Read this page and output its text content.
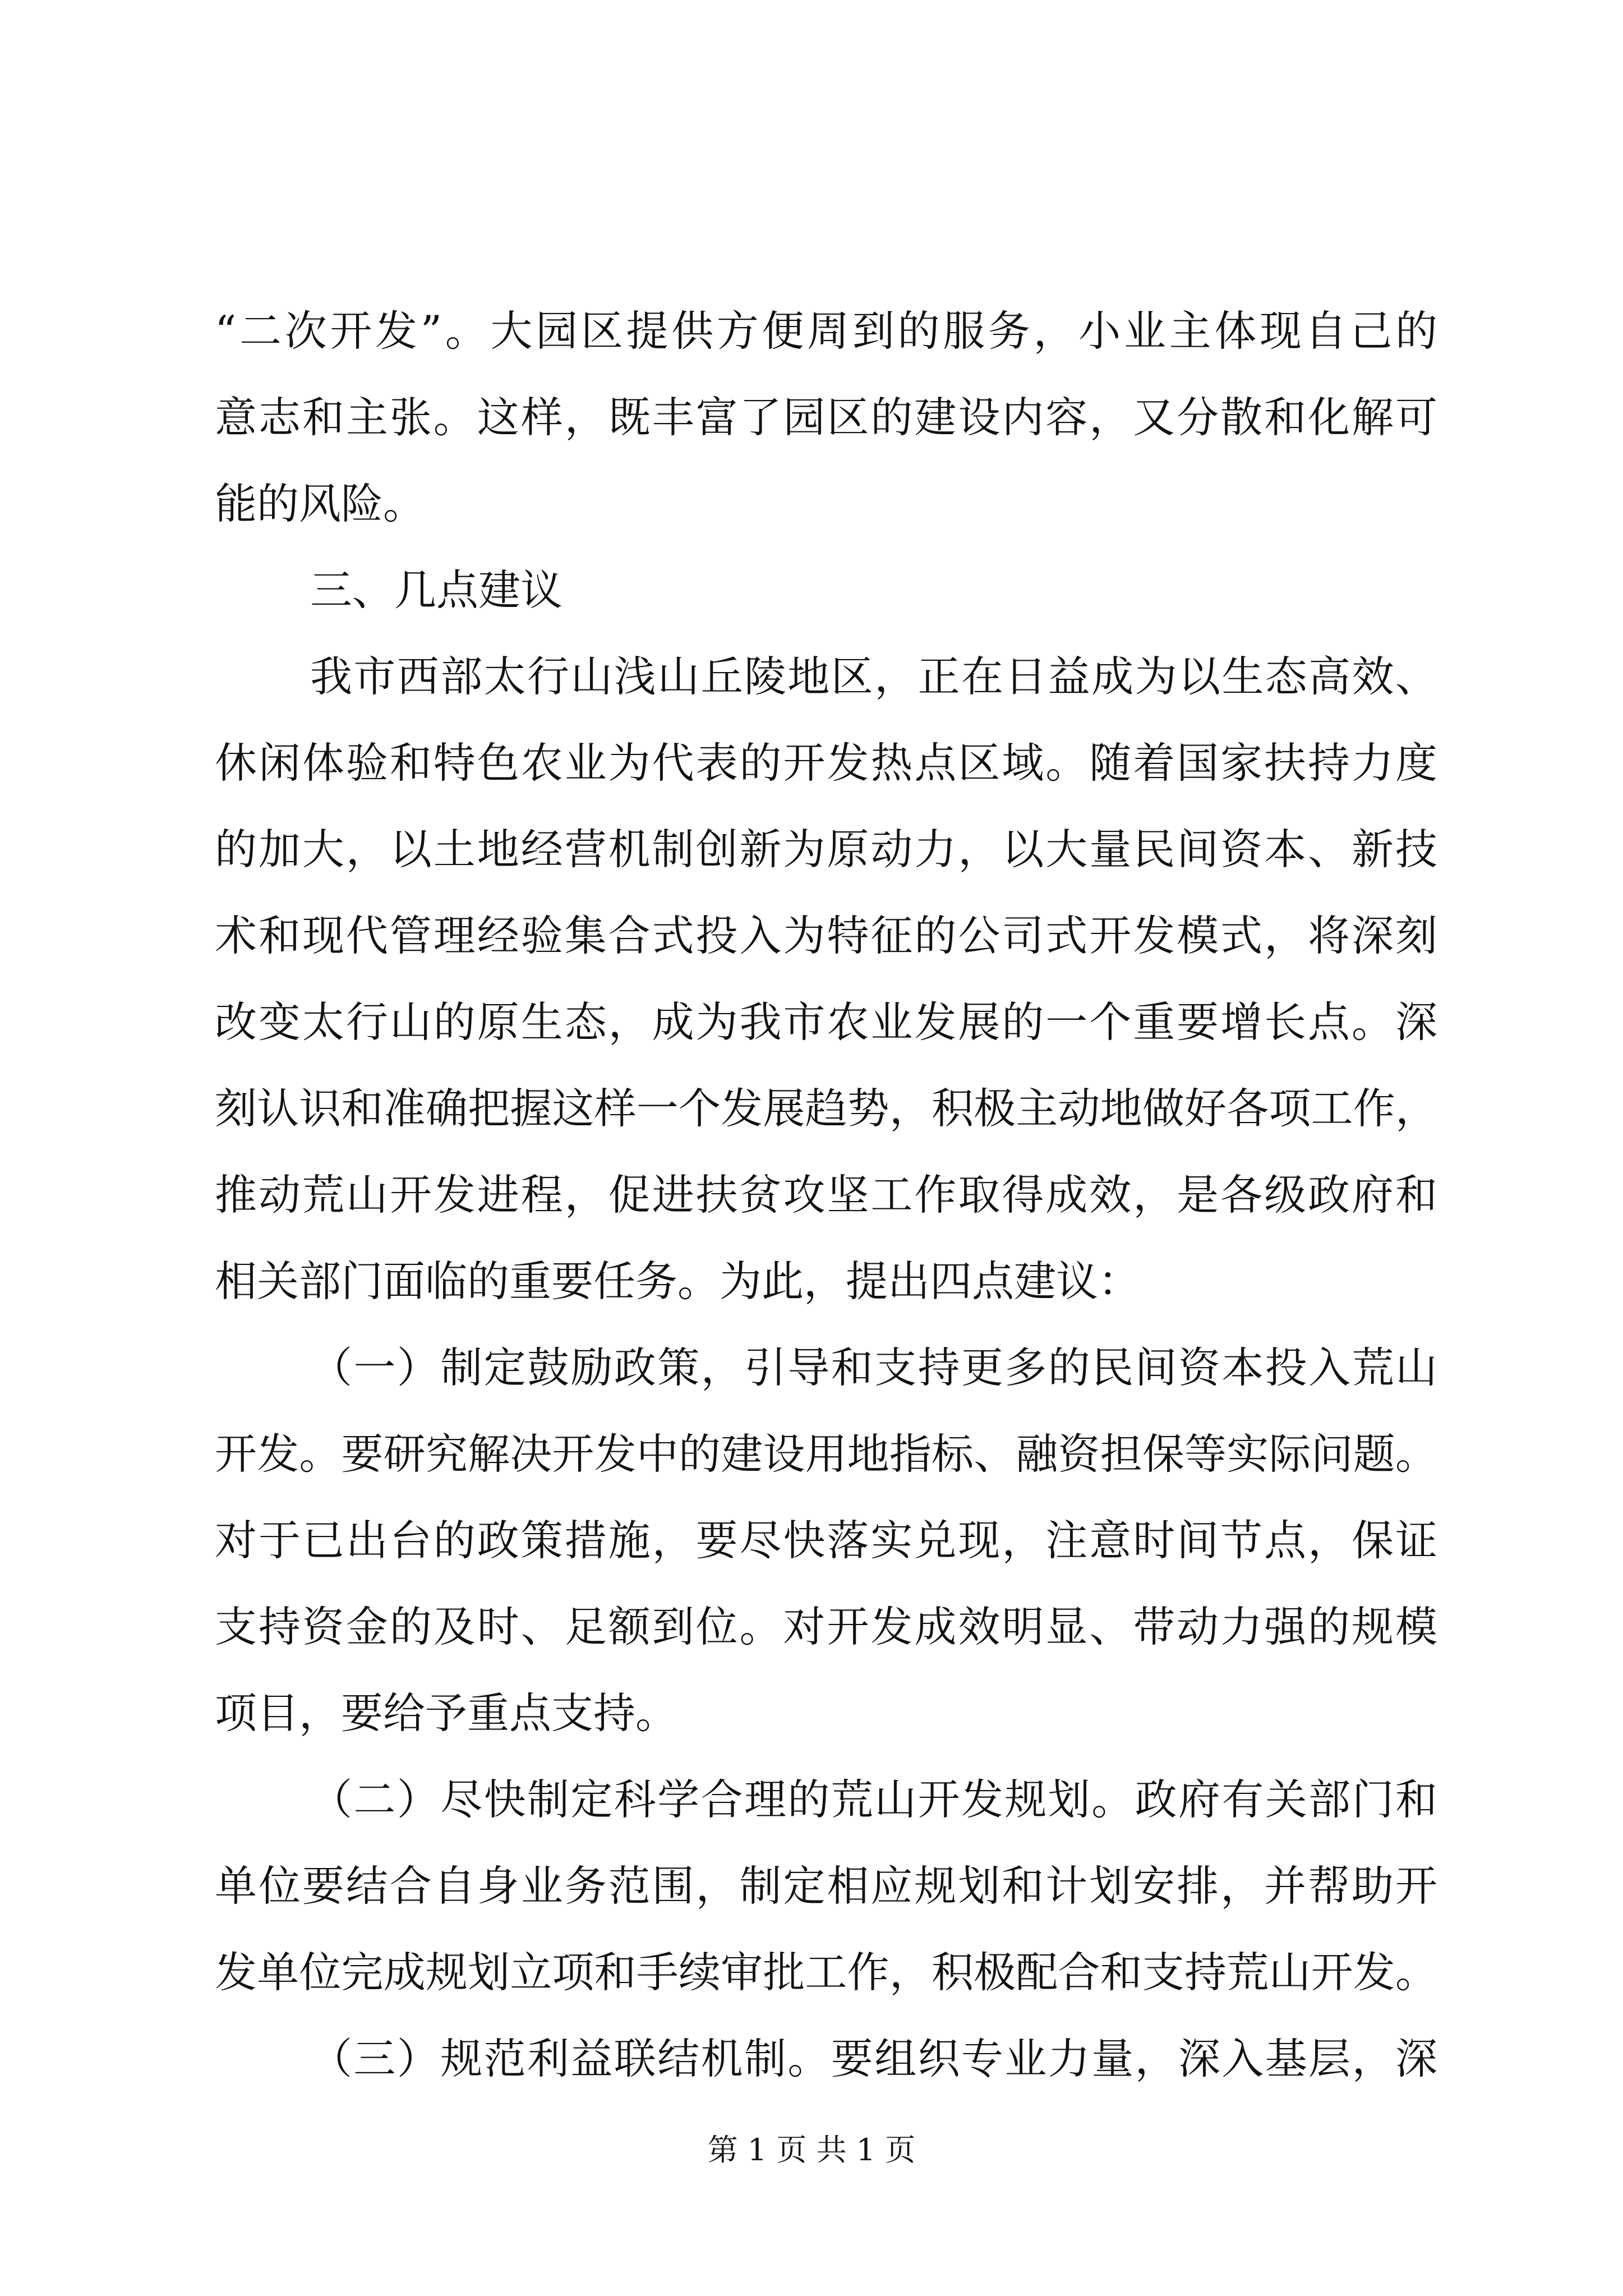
“二次开发”。大园区提供方便周到的服务，小业主体现自己的
意志和主张。这样，既丰富了园区的建设内容，又分散和化解可
能的风险。
三、几点建议
我市西部太行山浅山丘陵地区，正在日益成为以生态高效、
休闲体验和特色农业为代表的开发热点区域。随着国家扶持力度
的加大，以土地经营机制创新为原动力，以大量民间资本、新技
术和现代管理经验集合式投入为特征的公司式开发模式，将深刻
改变太行山的原生态，成为我市农业发展的一个重要增长点。深
刻认识和准确把握这样一个发展趋势，积极主动地做好各项工作，
推动荒山开发进程，促进扶贫攻坚工作取得成效，是各级政府和
相关部门面临的重要任务。为此，提出四点建议：
（一）制定鼓励政策，引导和支持更多的民间资本投入荒山
开发。要研究解决开发中的建设用地指标、融资担保等实际问题。
对于已出台的政策措施，要尽快落实兑现，注意时间节点，保证
支持资金的及时、足额到位。对开发成效明显、带动力强的规模
项目，要给予重点支持。
（二）尽快制定科学合理的荒山开发规划。政府有关部门和
单位要结合自身业务范围，制定相应规划和计划安排，并帮助开
发单位完成规划立项和手续审批工作，积极配合和支持荒山开发。
（三）规范利益联结机制。要组织专业力量，深入基层，深
第 1 页 共 1 页
